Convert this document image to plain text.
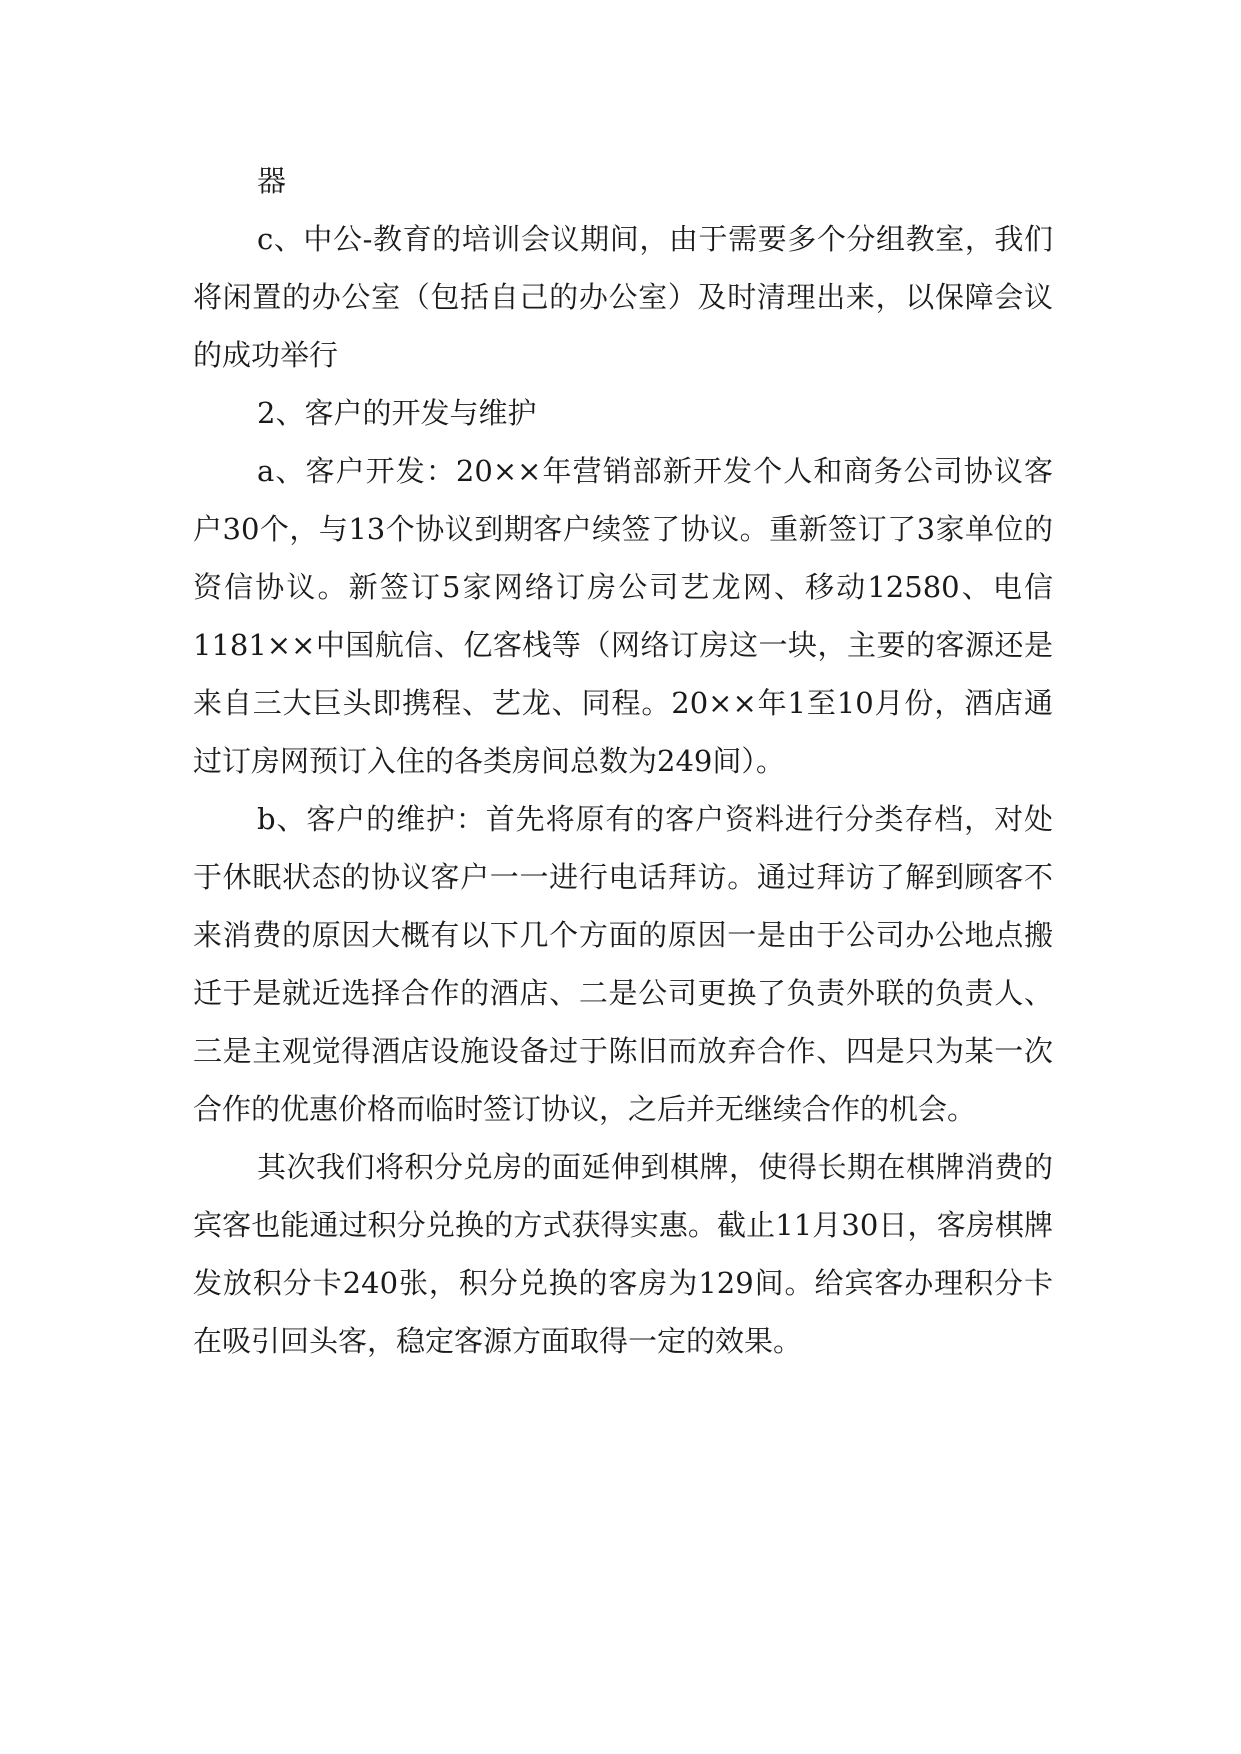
器

c、中公-教育的培训会议期间，由于需要多个分组教室，我们将闲置的办公室（包括自己的办公室）及时清理出来，以保障会议的成功举行

2、客户的开发与维护

a、客户开发：20××年营销部新开发个人和商务公司协议客户30个，与13个协议到期客户续签了协议。重新签订了3家单位的资信协议。新签订5家网络订房公司艺龙网、移动12580、电信1181××中国航信、亿客栈等（网络订房这一块，主要的客源还是来自三大巨头即携程、艺龙、同程。20××年1至10月份，酒店通过订房网预订入住的各类房间总数为249间）。

b、客户的维护：首先将原有的客户资料进行分类存档，对处于休眠状态的协议客户一一进行电话拜访。通过拜访了解到顾客不来消费的原因大概有以下几个方面的原因一是由于公司办公地点搬迁于是就近选择合作的酒店、二是公司更换了负责外联的负责人、三是主观觉得酒店设施设备过于陈旧而放弃合作、四是只为某一次合作的优惠价格而临时签订协议，之后并无继续合作的机会。

其次我们将积分兑房的面延伸到棋牌，使得长期在棋牌消费的宾客也能通过积分兑换的方式获得实惠。截止11月30日，客房棋牌发放积分卡240张，积分兑换的客房为129间。给宾客办理积分卡在吸引回头客，稳定客源方面取得一定的效果。
